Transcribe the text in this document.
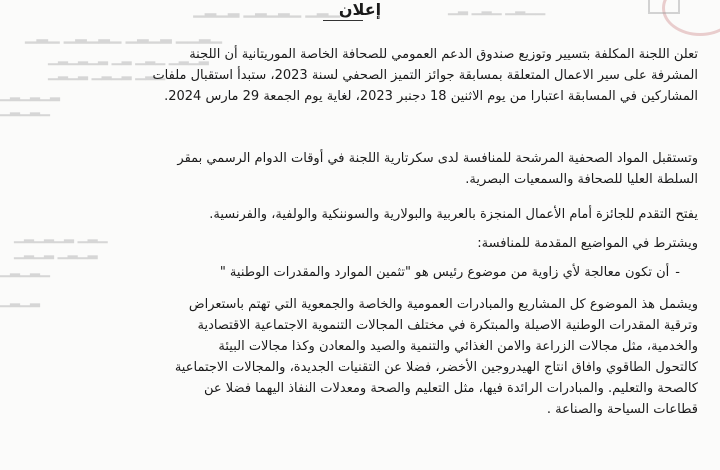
▁▂ ▁▂▁ ▁▂▁▁
▁▂▁▂ ▁▂▁▂▁ ▁▂▁
▁▂▁ ▁▂▁▂▁ ▁▂▁▂ ▁▁▂▁
▁▂▁▂▁▂ ▁▂ ▁▂▁ ▁▂▁▂
▁▂▁▂ ▁▂▁▂ ▁▂▁
▁▂▁▂▁▂
▁▂▁▂▁
▁▂▁▂▁▂ ▁▂▁
▁▂▁▂ ▁▂▁▂
▁▂▁▂▁
▁▂▁▂
إعلان
تعلن اللجنة المكلفة بتسيير وتوزيع صندوق الدعم العمومي للصحافة الخاصة الموريتانية أن اللجنة
المشرفة على سير الاعمال المتعلقة بمسابقة جوائز التميز الصحفي لسنة 2023، ستبدأ استقبال ملفات
المشاركين في المسابقة اعتبارا من يوم الاثنين 18 دجنبر 2023، لغاية يوم الجمعة 29 مارس 2024.
وتستقبل المواد الصحفية المرشحة للمنافسة لدى سكرتارية اللجنة في أوقات الدوام الرسمي بمقر
السلطة العليا للصحافة والسمعيات البصرية.
يفتح التقدم للجائزة أمام الأعمال المنجزة بالعربية والبولارية والسوننكية والولفية، والفرنسية.
ويشترط في المواضيع المقدمة للمنافسة:
-أن تكون معالجة لأي زاوية من موضوع رئيس هو "تثمين الموارد والمقدرات الوطنية "
ويشمل هذ الموضوع كل المشاريع والمبادرات العمومية والخاصة والجمعوية التي تهتم باستعراض
وترقية المقدرات الوطنية الاصيلة والمبتكرة في مختلف المجالات التنموية الاجتماعية الاقتصادية
والخدمية، مثل مجالات الزراعة والامن الغذائي والتنمية والصيد والمعادن وكذا مجالات البيئة
كالتحول الطاقوي وافاق انتاج الهيدروجين الأخضر، فضلا عن التقنيات الجديدة، والمجالات الاجتماعية
كالصحة والتعليم. والمبادرات الرائدة فيها، مثل التعليم والصحة ومعدلات النفاذ اليهما فضلا عن
قطاعات السياحة والصناعة .
